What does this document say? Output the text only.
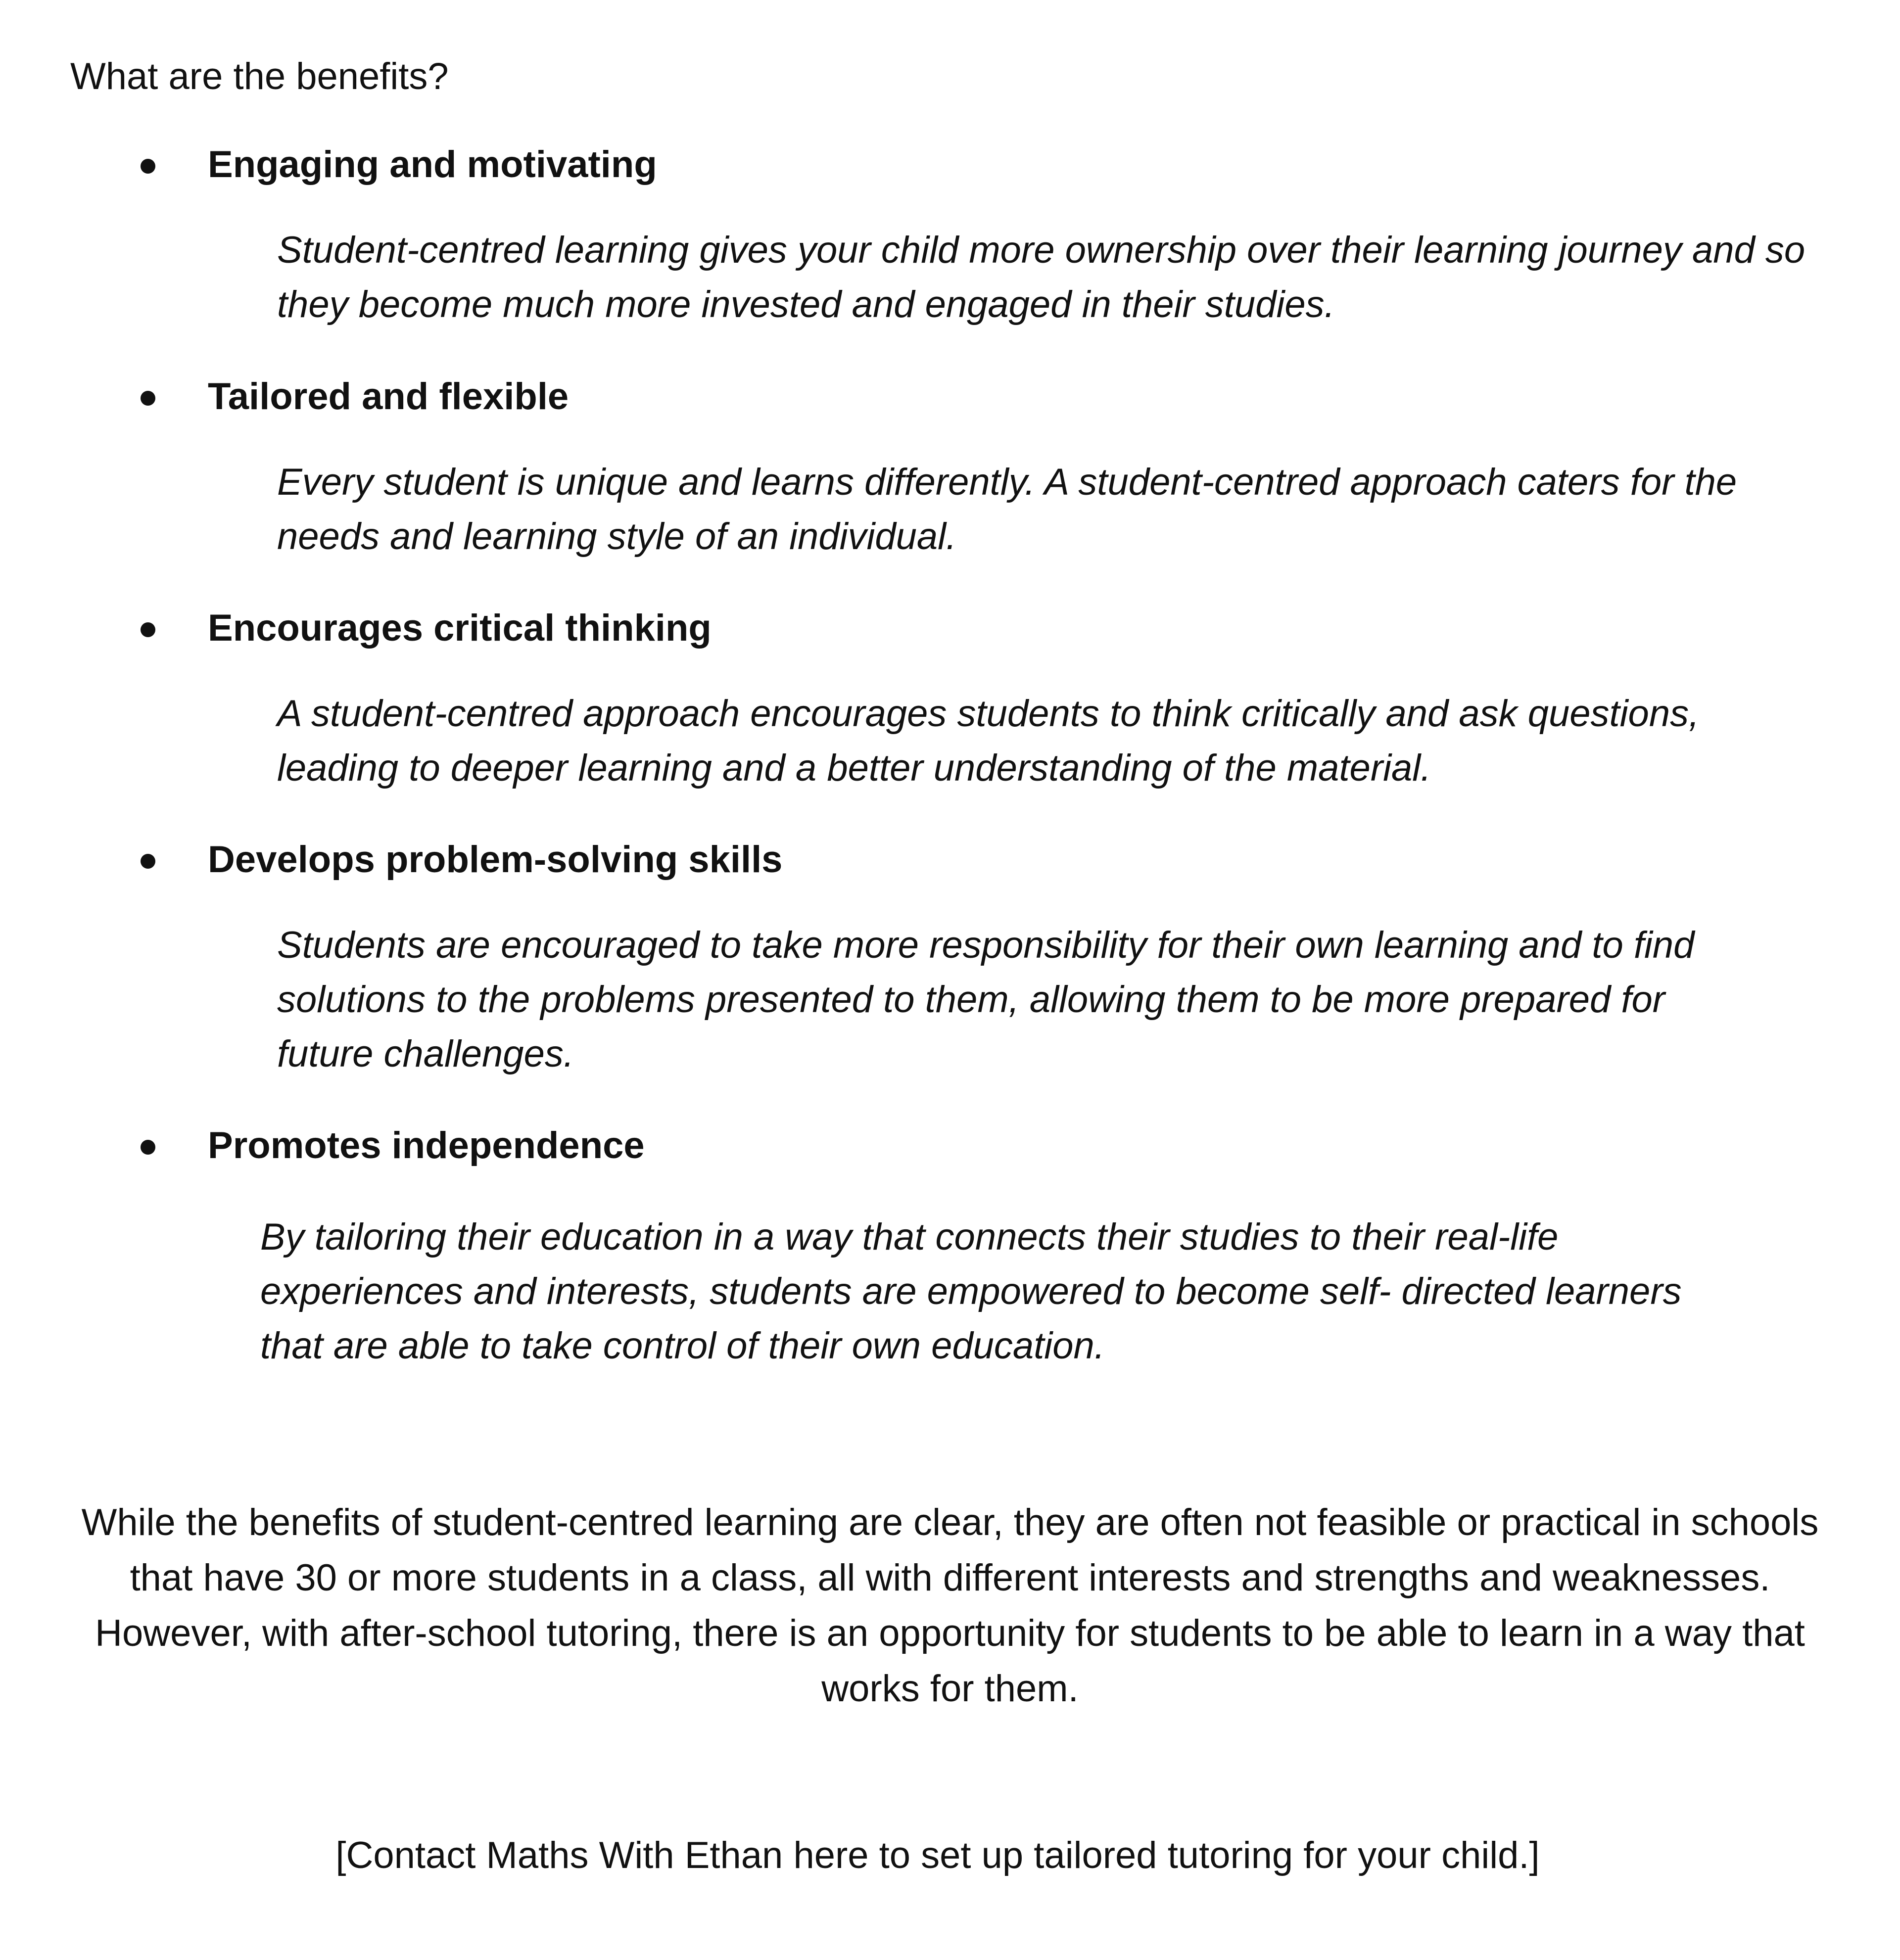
What are the benefits?
Engaging and motivating

Student-centred learning gives your child more ownership over their learning journey and so they become much more invested and engaged in their studies.

Tailored and flexible

Every student is unique and learns differently. A student-centred approach caters for the needs and learning style of an individual.

Encourages critical thinking

A student-centred approach encourages students to think critically and ask questions, leading to deeper learning and a better understanding of the material.

Develops problem-solving skills

Students are encouraged to take more responsibility for their own learning and to find solutions to the problems presented to them, allowing them to be more prepared for future challenges.

Promotes independence

By tailoring their education in a way that connects their studies to their real-life experiences and interests, students are empowered to become self- directed learners that are able to take control of their own education.

While the benefits of student-centred learning are clear, they are often not feasible or practical in schools that have 30 or more students in a class, all with different interests and strengths and weaknesses. However, with after-school tutoring, there is an opportunity for students to be able to learn in a way that works for them.

[Contact Maths With Ethan here to set up tailored tutoring for your child.]
